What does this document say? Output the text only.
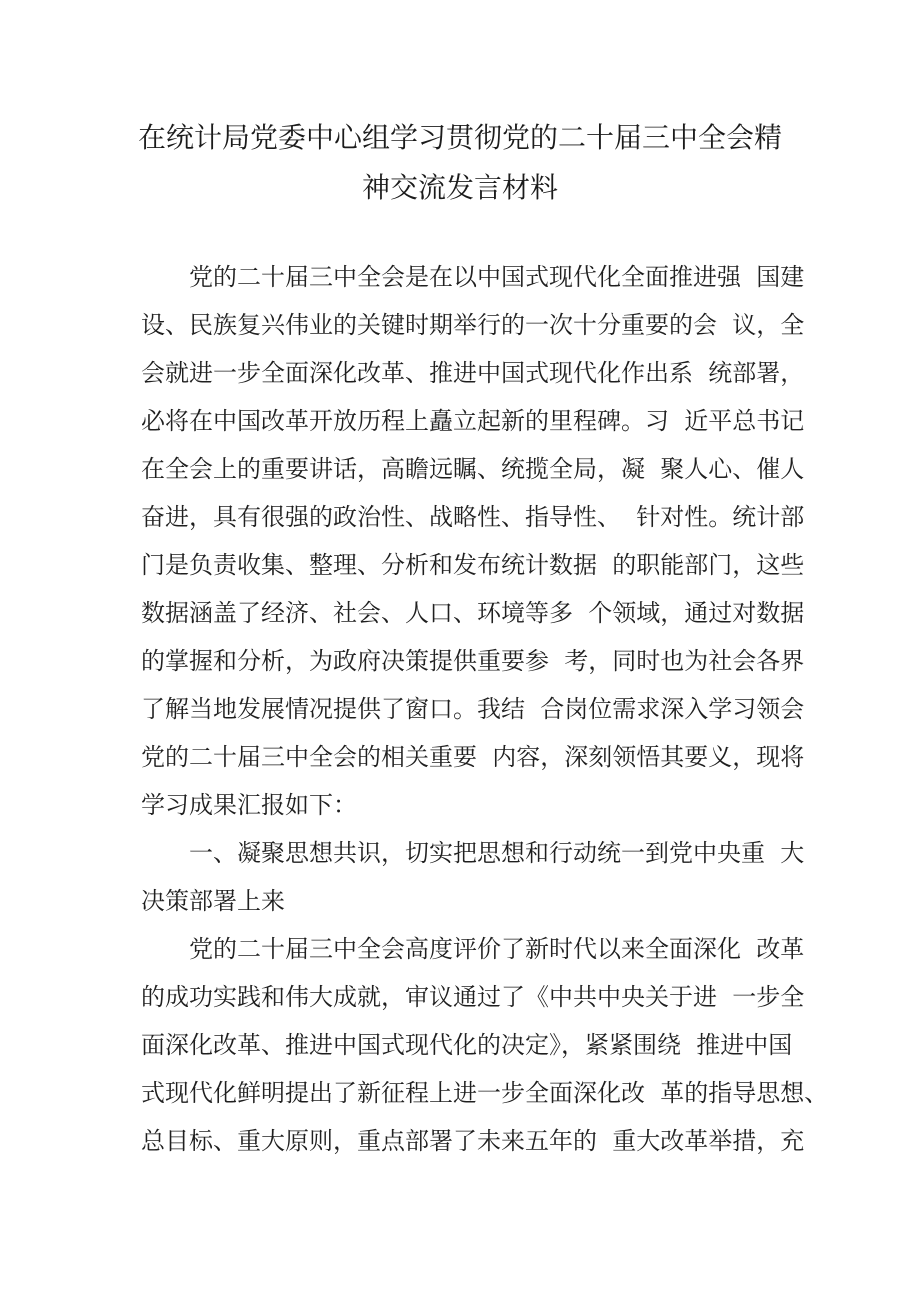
在统计局党委中心组学习贯彻党的二十届三中全会精
神交流发言材料
党的二十届三中全会是在以中国式现代化全面推进强  国建
设、民族复兴伟业的关键时期举行的一次十分重要的会  议，全
会就进一步全面深化改革、推进中国式现代化作出系  统部署，
必将在中国改革开放历程上矗立起新的里程碑。习  近平总书记
在全会上的重要讲话，高瞻远瞩、统揽全局，凝  聚人心、催人
奋进，具有很强的政治性、战略性、指导性、  针对性。统计部
门是负责收集、整理、分析和发布统计数据  的职能部门，这些
数据涵盖了经济、社会、人口、环境等多  个领域，通过对数据
的掌握和分析，为政府决策提供重要参  考，同时也为社会各界
了解当地发展情况提供了窗口。我结  合岗位需求深入学习领会
党的二十届三中全会的相关重要  内容，深刻领悟其要义，现将
学习成果汇报如下：
一、凝聚思想共识，切实把思想和行动统一到党中央重  大
决策部署上来
党的二十届三中全会高度评价了新时代以来全面深化  改革
的成功实践和伟大成就，审议通过了《中共中央关于进  一步全
面深化改革、推进中国式现代化的决定》，紧紧围绕  推进中国
式现代化鲜明提出了新征程上进一步全面深化改  革的指导思想、
总目标、重大原则，重点部署了未来五年的  重大改革举措，充
